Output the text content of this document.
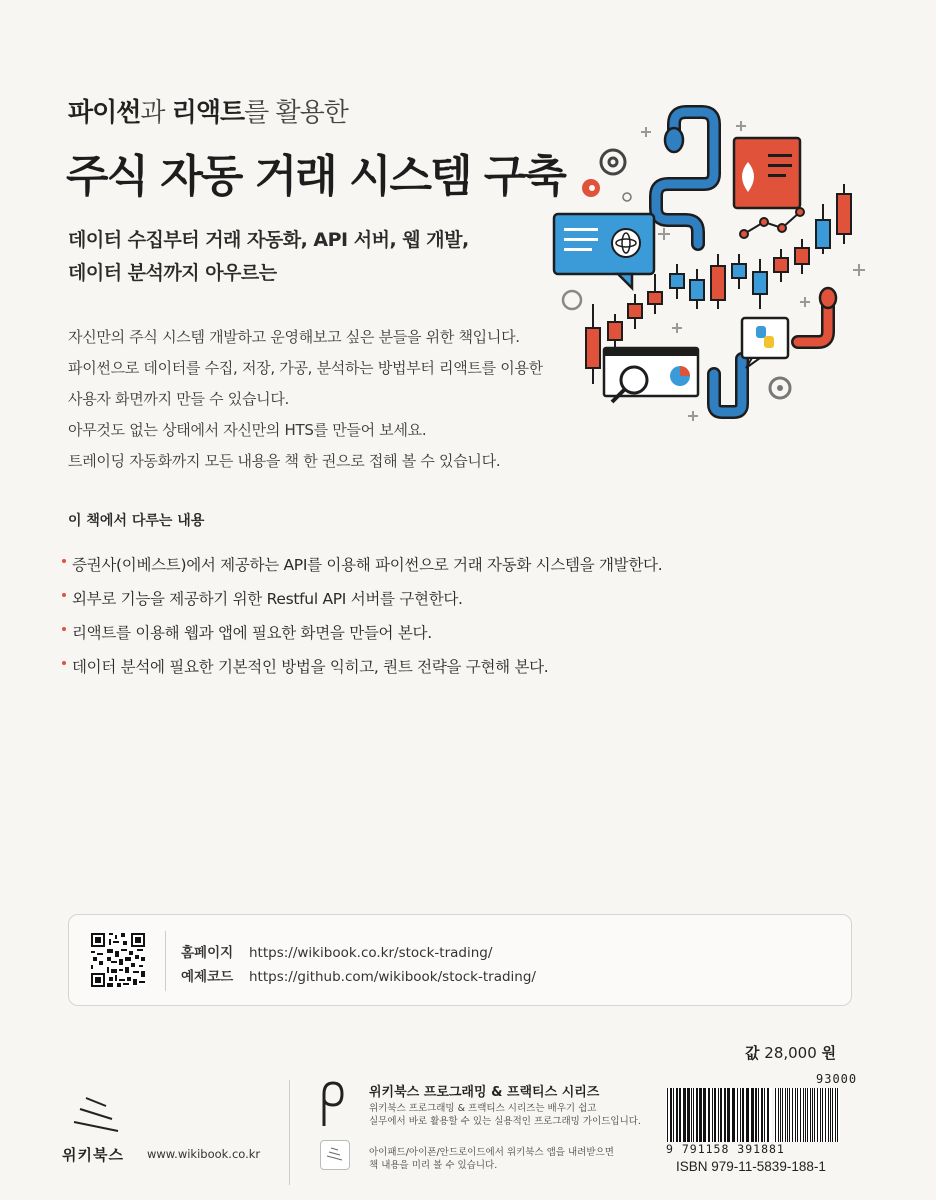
파이썬과 리액트를 활용한
주식 자동 거래 시스템 구축
데이터 수집부터 거래 자동화, API 서버, 웹 개발,
데이터 분석까지 아우르는
자신만의 주식 시스템 개발하고 운영해보고 싶은 분들을 위한 책입니다.
파이썬으로 데이터를 수집, 저장, 가공, 분석하는 방법부터 리액트를 이용한
사용자 화면까지 만들 수 있습니다.
아무것도 없는 상태에서 자신만의 HTS를 만들어 보세요.
트레이딩 자동화까지 모든 내용을 책 한 권으로 접해 볼 수 있습니다.
이 책에서 다루는 내용
증권사(이베스트)에서 제공하는 API를 이용해 파이썬으로 거래 자동화 시스템을 개발한다.
외부로 기능을 제공하기 위한 Restful API 서버를 구현한다.
리액트를 이용해 웹과 앱에 필요한 화면을 만들어 본다.
데이터 분석에 필요한 기본적인 방법을 익히고, 퀀트 전략을 구현해 본다.
홈페이지 https://wikibook.co.kr/stock-trading/
예제코드 https://github.com/wikibook/stock-trading/
값 28,000 원
위키북스 www.wikibook.co.kr
위키북스 프로그래밍 & 프랙티스 시리즈
위키북스 프로그래밍 & 프랙티스 시리즈는 배우기 쉽고
실무에서 바로 활용할 수 있는 실용적인 프로그래밍 가이드입니다.
아이패드/아이폰/안드로이드에서 위키북스 앱을 내려받으면
책 내용을 미리 볼 수 있습니다.
93000
9 791158 391881
ISBN 979-11-5839-188-1
